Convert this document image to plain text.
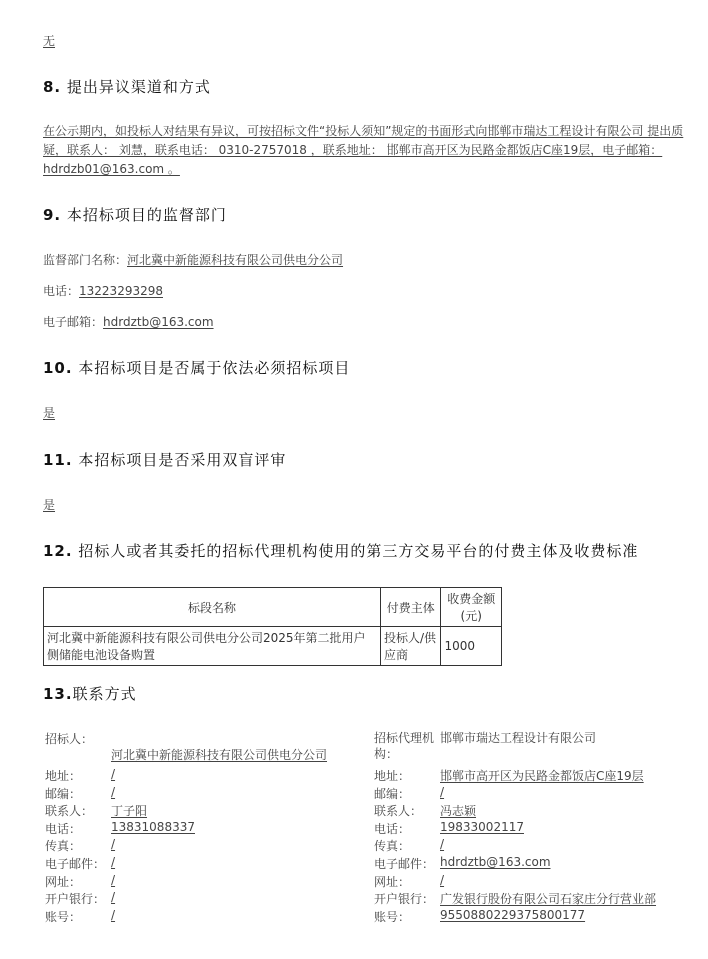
无
8. 提出异议渠道和方式
在公示期内，如投标人对结果有异议，可按招标文件“投标人须知”规定的书面形式向邯郸市瑞达工程设计有限公司 提出质疑，联系人： 刘慧，联系电话： 0310-2757018 ，联系地址： 邯郸市高开区为民路金都饭店C座19层，电子邮箱： hdrdzb01@163.com 。
9. 本招标项目的监督部门
监督部门名称：河北冀中新能源科技有限公司供电分公司
电话：13223293298
电子邮箱：hdrdztb@163.com
10. 本招标项目是否属于依法必须招标项目
是
11. 本招标项目是否采用双盲评审
是
12. 招标人或者其委托的招标代理机构使用的第三方交易平台的付费主体及收费标准
标段名称	付费主体	收费金额(元)
河北冀中新能源科技有限公司供电分公司2025年第二批用户侧储能电池设备购置	投标人/供应商	1000
13.联系方式
招标人：
河北冀中新能源科技有限公司供电分公司
地址：	/
邮编：	/
联系人：	丁子阳
电话：	13831088337
传真：	/
电子邮件： /
网址：	/
开户银行： /
账号：	/
招标代理机构：
邯郸市瑞达工程设计有限公司
地址：	邯郸市高开区为民路金都饭店C座19层
邮编：	/
联系人：	冯志颖
电话：	19833002117
传真：	/
电子邮件： hdrdztb@163.com
网址：	/
开户银行： 广发银行股份有限公司石家庄分行营业部
账号：	9550880229375800177
